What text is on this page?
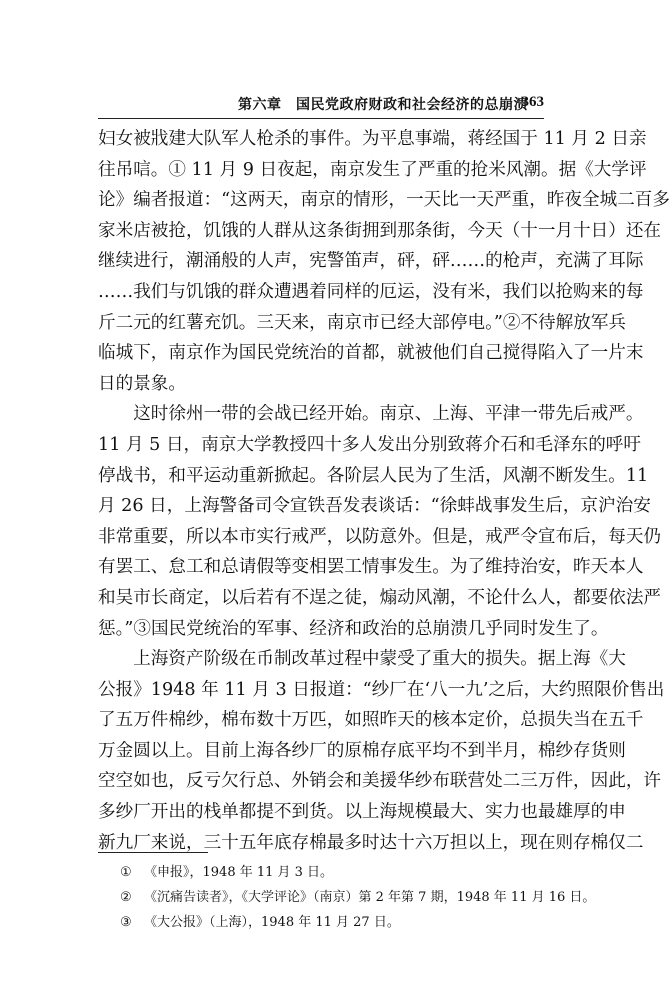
第六章　国民党政府财政和社会经济的总崩溃
363
妇女被戕建大队军人枪杀的事件。为平息事端，蒋经国于 11 月 2 日亲
往吊唁。① 11 月 9 日夜起，南京发生了严重的抢米风潮。据《大学评
论》编者报道：“这两天，南京的情形，一天比一天严重，昨夜全城二百多
家米店被抢，饥饿的人群从这条街拥到那条街，今天（十一月十日）还在
继续进行，潮涌般的人声，宪警笛声，砰，砰……的枪声，充满了耳际
……我们与饥饿的群众遭遇着同样的厄运，没有米，我们以抢购来的每
斤二元的红薯充饥。三天来，南京市已经大部停电。”②不待解放军兵
临城下，南京作为国民党统治的首都，就被他们自己搅得陷入了一片末
日的景象。
　　这时徐州一带的会战已经开始。南京、上海、平津一带先后戒严。
11 月 5 日，南京大学教授四十多人发出分别致蒋介石和毛泽东的呼吁
停战书，和平运动重新掀起。各阶层人民为了生活，风潮不断发生。11
月 26 日，上海警备司令宣铁吾发表谈话：“徐蚌战事发生后，京沪治安
非常重要，所以本市实行戒严，以防意外。但是，戒严令宣布后，每天仍
有罢工、怠工和总请假等变相罢工情事发生。为了维持治安，昨天本人
和吴市长商定，以后若有不逞之徒，煽动风潮，不论什么人，都要依法严
惩。”③国民党统治的军事、经济和政治的总崩溃几乎同时发生了。
　　上海资产阶级在币制改革过程中蒙受了重大的损失。据上海《大
公报》1948 年 11 月 3 日报道：“纱厂在‘八一九’之后，大约照限价售出
了五万件棉纱，棉布数十万匹，如照昨天的核本定价，总损失当在五千
万金圆以上。目前上海各纱厂的原棉存底平均不到半月，棉纱存货则
空空如也，反亏欠行总、外销会和美援华纱布联营处二三万件，因此，许
多纱厂开出的栈单都提不到货。以上海规模最大、实力也最雄厚的申
新九厂来说，三十五年底存棉最多时达十六万担以上，现在则存棉仅二
① 《申报》，1948 年 11 月 3 日。
② 《沉痛告读者》，《大学评论》（南京）第 2 年第 7 期，1948 年 11 月 16 日。
③ 《大公报》（上海），1948 年 11 月 27 日。
